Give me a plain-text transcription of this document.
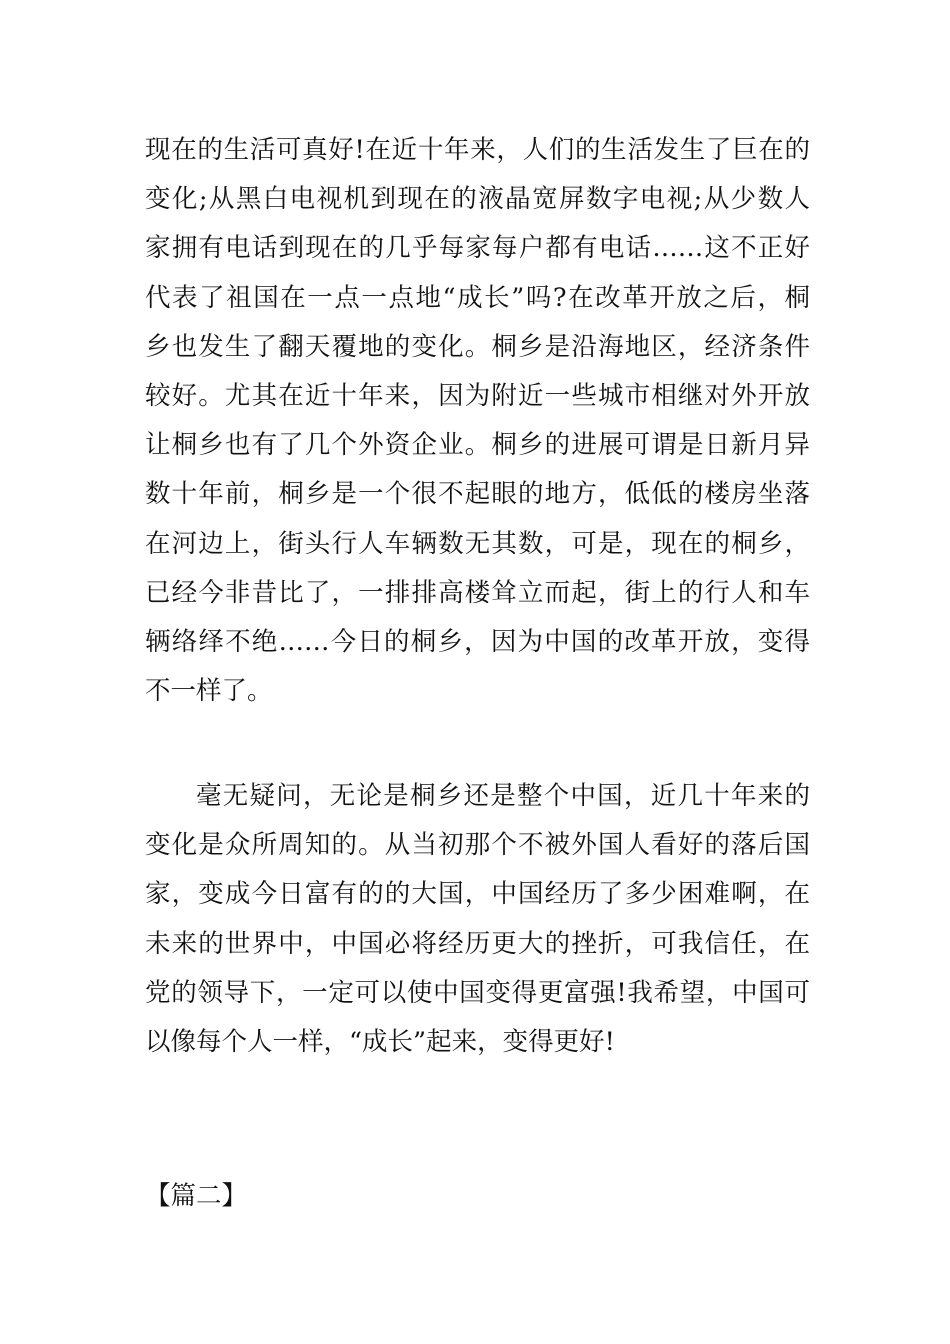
现在的生活可真好!在近十年来，人们的生活发生了巨在的
变化;从黑白电视机到现在的液晶宽屏数字电视;从少数人
家拥有电话到现在的几乎每家每户都有电话……这不正好
代表了祖国在一点一点地“成长”吗?在改革开放之后，桐
乡也发生了翻天覆地的变化。桐乡是沿海地区，经济条件
较好。尤其在近十年来，因为附近一些城市相继对外开放
让桐乡也有了几个外资企业。桐乡的进展可谓是日新月异
数十年前，桐乡是一个很不起眼的地方，低低的楼房坐落
在河边上，街头行人车辆数无其数，可是，现在的桐乡，
已经今非昔比了，一排排高楼耸立而起，街上的行人和车
辆络绎不绝……今日的桐乡，因为中国的改革开放，变得
不一样了。
毫无疑问，无论是桐乡还是整个中国，近几十年来的
变化是众所周知的。从当初那个不被外国人看好的落后国
家，变成今日富有的的大国，中国经历了多少困难啊，在
未来的世界中，中国必将经历更大的挫折，可我信任，在
党的领导下，一定可以使中国变得更富强!我希望，中国可
以像每个人一样，“成长”起来，变得更好!
【篇二】
